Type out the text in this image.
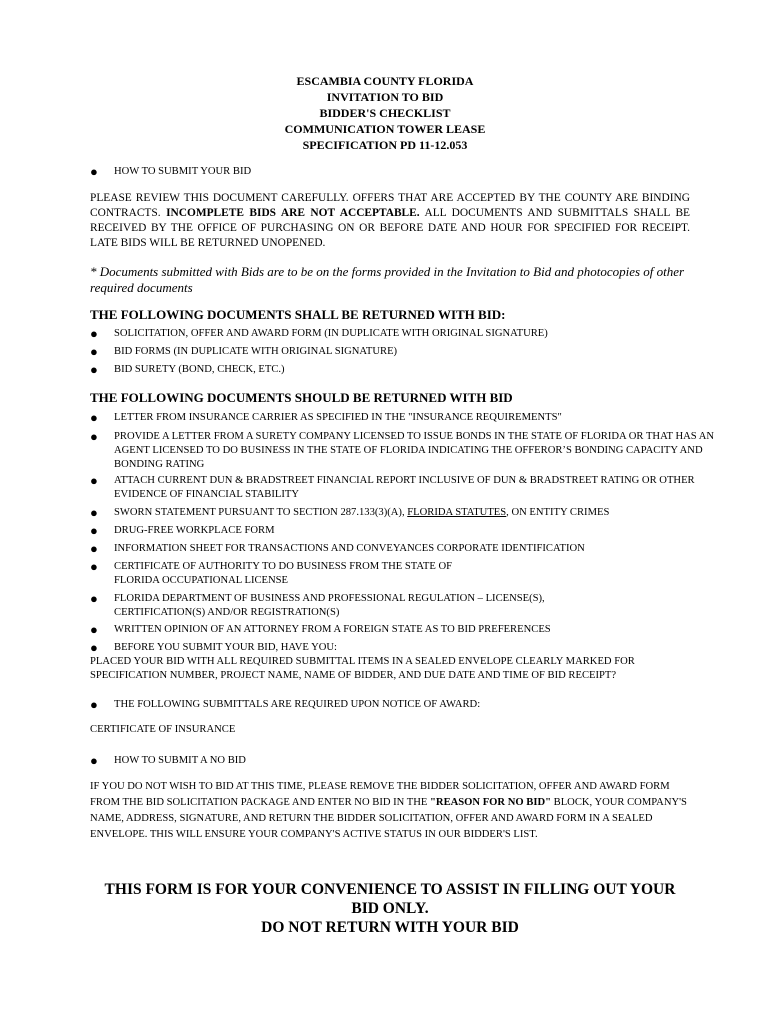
ESCAMBIA COUNTY FLORIDA
INVITATION TO BID
BIDDER'S CHECKLIST
COMMUNICATION TOWER LEASE
SPECIFICATION PD 11-12.053
●	HOW TO SUBMIT YOUR BID
PLEASE REVIEW THIS DOCUMENT CAREFULLY. OFFERS THAT ARE ACCEPTED BY THE COUNTY ARE BINDING CONTRACTS. INCOMPLETE BIDS ARE NOT ACCEPTABLE. ALL DOCUMENTS AND SUBMITTALS SHALL BE RECEIVED BY THE OFFICE OF PURCHASING ON OR BEFORE DATE AND HOUR FOR SPECIFIED FOR RECEIPT. LATE BIDS WILL BE RETURNED UNOPENED.
* Documents submitted with Bids are to be on the forms provided in the Invitation to Bid and photocopies of other required documents
THE FOLLOWING DOCUMENTS SHALL BE RETURNED WITH BID:
●	SOLICITATION, OFFER AND AWARD FORM (IN DUPLICATE WITH ORIGINAL SIGNATURE)
●	BID FORMS (IN DUPLICATE WITH ORIGINAL SIGNATURE)
●	BID SURETY (BOND, CHECK, ETC.)
THE FOLLOWING DOCUMENTS SHOULD BE RETURNED WITH BID
●	LETTER FROM INSURANCE CARRIER AS SPECIFIED IN THE "INSURANCE REQUIREMENTS"
●	PROVIDE A LETTER FROM A SURETY COMPANY LICENSED TO ISSUE BONDS IN THE STATE OF FLORIDA OR THAT HAS AN AGENT LICENSED TO DO BUSINESS IN THE STATE OF FLORIDA INDICATING THE OFFEROR’S BONDING CAPACITY AND BONDING RATING
●	ATTACH CURRENT DUN & BRADSTREET FINANCIAL REPORT INCLUSIVE OF DUN & BRADSTREET RATING OR OTHER EVIDENCE OF FINANCIAL STABILITY
●	SWORN STATEMENT PURSUANT TO SECTION 287.133(3)(A), FLORIDA STATUTES, ON ENTITY CRIMES
●	DRUG-FREE WORKPLACE FORM
●	INFORMATION SHEET FOR TRANSACTIONS AND CONVEYANCES CORPORATE IDENTIFICATION
●	CERTIFICATE OF AUTHORITY TO DO BUSINESS FROM THE STATE OF FLORIDA OCCUPATIONAL LICENSE
●	FLORIDA DEPARTMENT OF BUSINESS AND PROFESSIONAL REGULATION – LICENSE(S), CERTIFICATION(S) AND/OR REGISTRATION(S)
●	WRITTEN OPINION OF AN ATTORNEY FROM A FOREIGN STATE AS TO BID PREFERENCES
●	BEFORE YOU SUBMIT YOUR BID, HAVE YOU:
PLACED YOUR BID WITH ALL REQUIRED SUBMITTAL ITEMS IN A SEALED ENVELOPE CLEARLY MARKED FOR SPECIFICATION NUMBER, PROJECT NAME, NAME OF BIDDER, AND DUE DATE AND TIME OF BID RECEIPT?
●	THE FOLLOWING SUBMITTALS ARE REQUIRED UPON NOTICE OF AWARD:
CERTIFICATE OF INSURANCE
●	HOW TO SUBMIT A NO BID
IF YOU DO NOT WISH TO BID AT THIS TIME, PLEASE REMOVE THE BIDDER SOLICITATION, OFFER AND AWARD FORM FROM THE BID SOLICITATION PACKAGE AND ENTER NO BID IN THE "REASON FOR NO BID" BLOCK, YOUR COMPANY'S NAME, ADDRESS, SIGNATURE, AND RETURN THE BIDDER SOLICITATION, OFFER AND AWARD FORM IN A SEALED ENVELOPE. THIS WILL ENSURE YOUR COMPANY'S ACTIVE STATUS IN OUR BIDDER'S LIST.
THIS FORM IS FOR YOUR CONVENIENCE TO ASSIST IN FILLING OUT YOUR
BID ONLY.
DO NOT RETURN WITH YOUR BID
